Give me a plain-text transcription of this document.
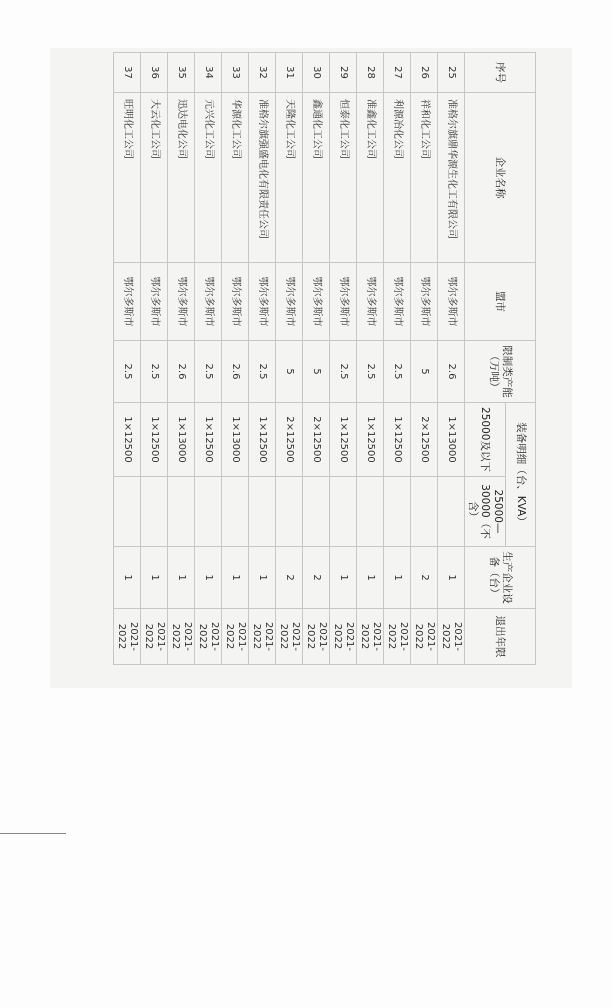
序号	企业名称	盟市	限制类产能（万吨）	装备明细（台、KVA）		生产企业设备（台）	退出年限
				25000及以下	25000—30000（不含）		
25	准格尔旗鼎华源生化工有限公司	鄂尔多斯市	2.6	1×13000		1	2021-2022
26	祥和化工公司	鄂尔多斯市	5	2×12500		2	2021-2022
27	利源冶化公司	鄂尔多斯市	2.5	1×12500		1	2021-2022
28	准鑫化工公司	鄂尔多斯市	2.5	1×12500		1	2021-2022
29	恒泰化工公司	鄂尔多斯市	2.5	1×12500		1	2021-2022
30	鑫通化工公司	鄂尔多斯市	5	2×12500		2	2021-2022
31	天隆化工公司	鄂尔多斯市	5	2×12500		2	2021-2022
32	准格尔旗强盛电化有限责任公司	鄂尔多斯市	2.5	1×12500		1	2021-2022
33	华源化工公司	鄂尔多斯市	2.6	1×13000		1	2021-2022
34	元兴化工公司	鄂尔多斯市	2.5	1×12500		1	2021-2022
35	迅达电化公司	鄂尔多斯市	2.6	1×13000		1	2021-2022
36	大云化工公司	鄂尔多斯市	2.5	1×12500		1	2021-2022
37	旺明化工公司	鄂尔多斯市	2.5	1×12500		1	2021-2022
